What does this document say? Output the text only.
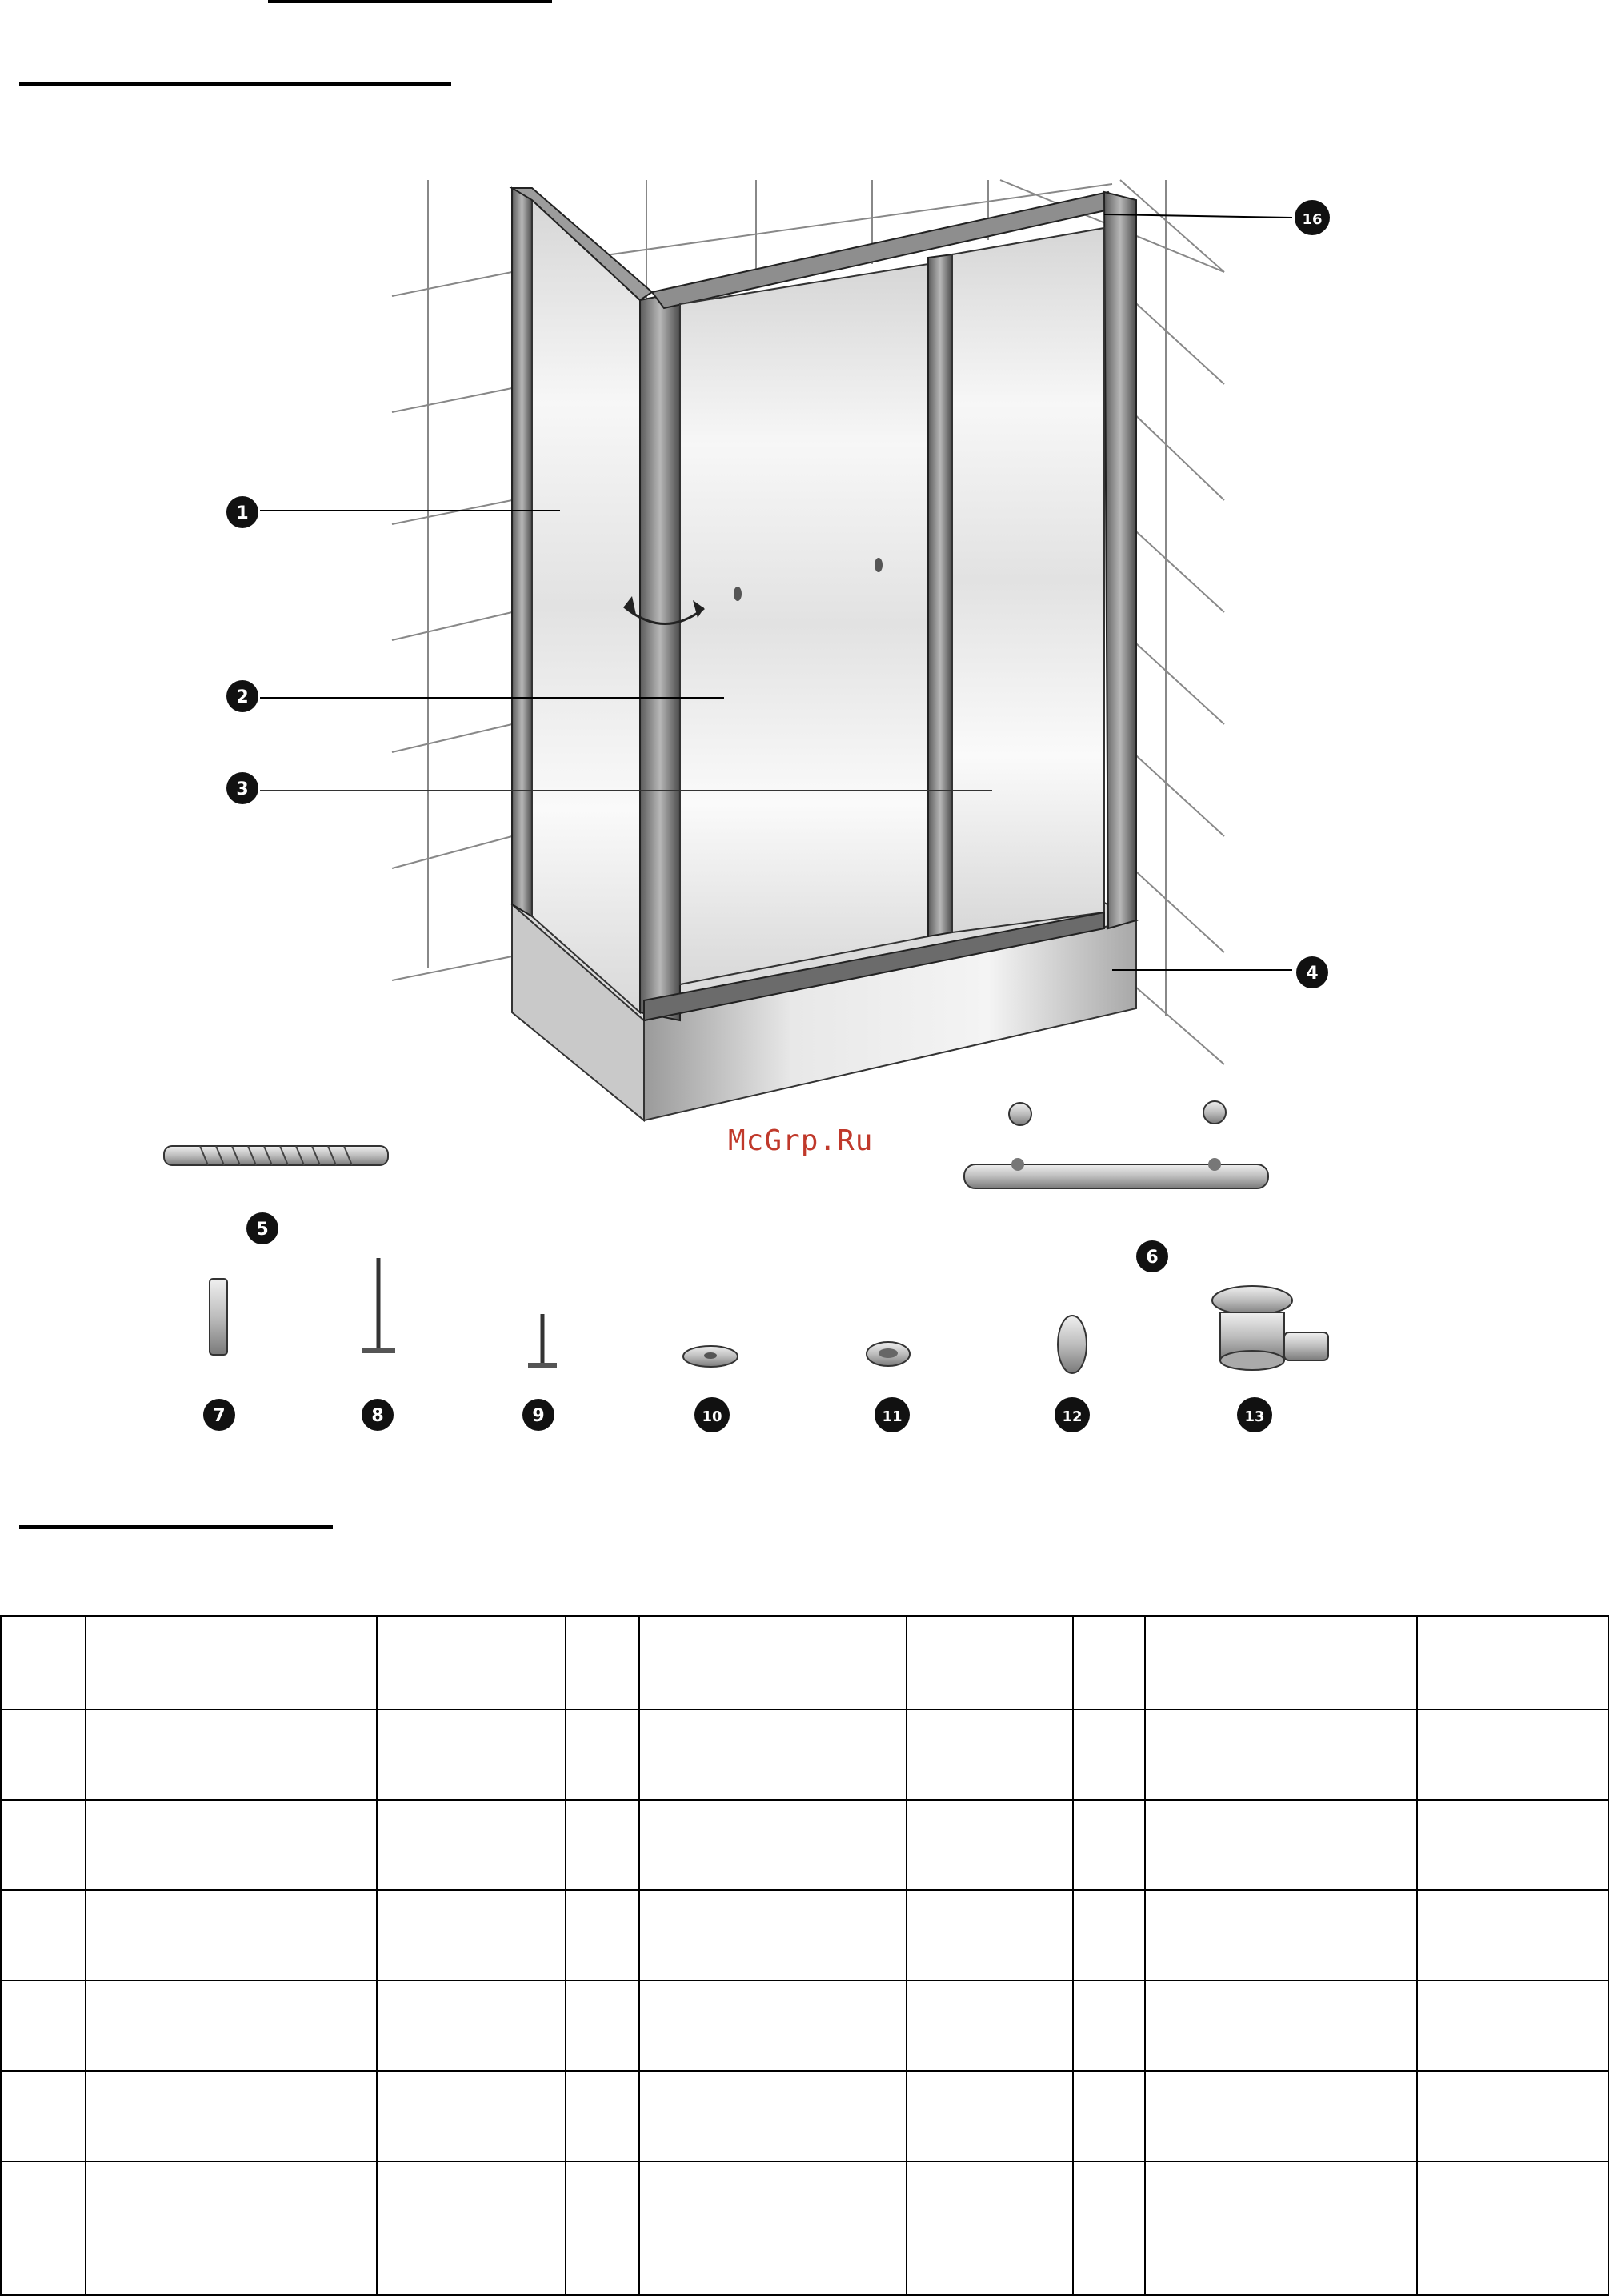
1
2
3
4
16
5
6
7	8	9	10	11	12	13
McGrp.Ru
